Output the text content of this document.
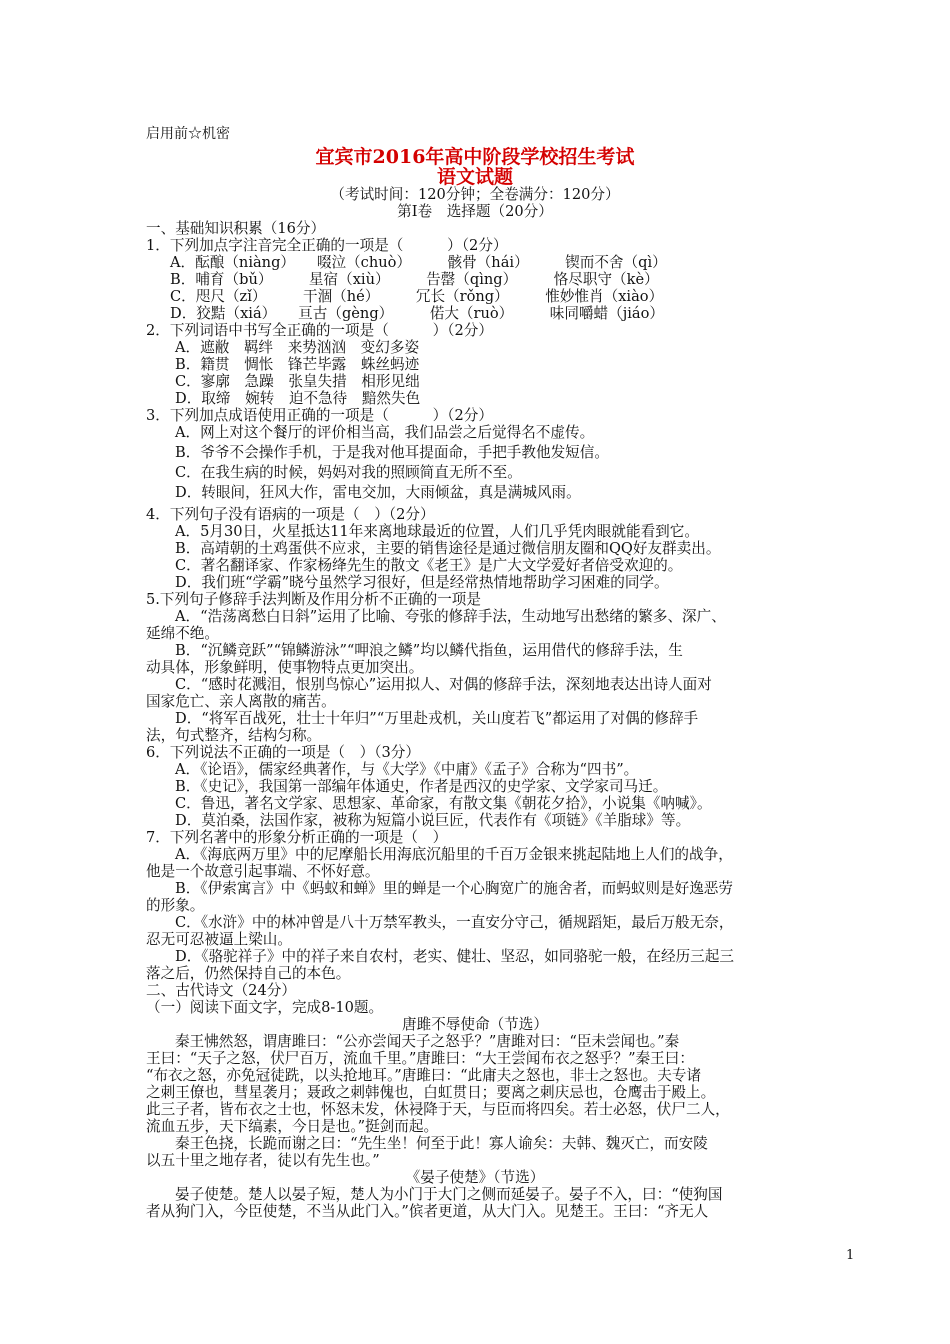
启用前☆机密
宜宾市2016年高中阶段学校招生考试
语文试题
（考试时间：120分钟；全卷满分：120分）
第Ⅰ卷　选择题（20分）
一、基础知识积累（16分）
1．下列加点字注音完全正确的一项是（　　　）（2分）
A．酝酿（niàng）　　啜泣（chuò）　　　骸骨（hái）　　　锲而不舍（qì）
B．哺育（bǔ）　　　星宿（xiù）　　　告罄（qìng）　　　恪尽职守（kè）
C．咫尺（zǐ）　　　干涸（hé）　　　冗长（rǒng）　　　惟妙惟肖（xiào）
D．狡黠（xiá）　　亘古（gèng）　　　偌大（ruò）　　　味同嚼蜡（jiáo）
2．下列词语中书写全正确的一项是（　　　）（2分）
A．遮敝　羁绊　来势汹汹　变幻多姿
B．籍贯　惆怅　锋芒毕露　蛛丝蚂迹
C．寥廓　急躁　张皇失措　相形见绌
D．取缔　婉转　迫不急待　黯然失色
3．下列加点成语使用正确的一项是（　　　）（2分）
A．网上对这个餐厅的评价相当高，我们品尝之后觉得名不虚传。
B．爷爷不会操作手机，于是我对他耳提面命，手把手教他发短信。
C．在我生病的时候，妈妈对我的照顾简直无所不至。
D．转眼间，狂风大作，雷电交加，大雨倾盆，真是满城风雨。
4．下列句子没有语病的一项是（　）（2分）
A．5月30日，火星抵达11年来离地球最近的位置，人们几乎凭肉眼就能看到它。
B．高靖朝的土鸡蛋供不应求，主要的销售途径是通过微信朋友圈和QQ好友群卖出。
C．著名翻译家、作家杨绛先生的散文《老王》是广大文学爱好者倍受欢迎的。
D．我们班“学霸”晓兮虽然学习很好，但是经常热情地帮助学习困难的同学。
5.下列句子修辞手法判断及作用分析不正确的一项是
A．“浩荡离愁白日斜”运用了比喻、夸张的修辞手法，生动地写出愁绪的繁多、深广、
延绵不绝。
B．“沉鳞竞跃”“锦鳞游泳”“呷浪之鳞”均以鳞代指鱼，运用借代的修辞手法，生
动具体，形象鲜明，使事物特点更加突出。
C．“感时花溅泪，恨别鸟惊心”运用拟人、对偶的修辞手法，深刻地表达出诗人面对
国家危亡、亲人离散的痛苦。
D．“将军百战死，壮士十年归”“万里赴戎机，关山度若飞”都运用了对偶的修辞手
法，句式整齐，结构匀称。
6．下列说法不正确的一项是（　）（3分）
A．《论语》，儒家经典著作，与《大学》《中庸》《孟子》合称为“四书”。
B．《史记》，我国第一部编年体通史，作者是西汉的史学家、文学家司马迁。
C．鲁迅，著名文学家、思想家、革命家，有散文集《朝花夕拾》，小说集《呐喊》。
D．莫泊桑，法国作家，被称为短篇小说巨匠，代表作有《项链》《羊脂球》等。
7．下列名著中的形象分析正确的一项是（　）
A．《海底两万里》中的尼摩船长用海底沉船里的千百万金银来挑起陆地上人们的战争，
他是一个故意引起事端、不怀好意。
B．《伊索寓言》中《蚂蚁和蝉》里的蝉是一个心胸宽广的施舍者，而蚂蚁则是好逸恶劳
的形象。
C．《水浒》中的林冲曾是八十万禁军教头，一直安分守己，循规蹈矩，最后万般无奈，
忍无可忍被逼上梁山。
D．《骆驼祥子》中的祥子来自农村，老实、健壮、坚忍，如同骆驼一般，在经历三起三
落之后，仍然保持自己的本色。
二、古代诗文（24分）
（一）阅读下面文字，完成8-10题。
唐雎不辱使命（节选）
秦王怫然怒，谓唐雎曰：“公亦尝闻天子之怒乎？”唐雎对曰：“臣未尝闻也。”秦
王曰：“天子之怒，伏尸百万，流血千里。”唐雎曰：“大王尝闻布衣之怒乎？”秦王曰：
“布衣之怒，亦免冠徒跣，以头抢地耳。”唐雎曰：“此庸夫之怒也，非士之怒也。夫专诸
之刺王僚也，彗星袭月；聂政之刺韩傀也，白虹贯日；要离之刺庆忌也，仓鹰击于殿上。
此三子者，皆布衣之士也，怀怒未发，休祲降于天，与臣而将四矣。若士必怒，伏尸二人，
流血五步，天下缟素，今日是也。”挺剑而起。
秦王色挠，长跪而谢之曰：“先生坐！何至于此！寡人谕矣：夫韩、魏灭亡，而安陵
以五十里之地存者，徒以有先生也。”
《晏子使楚》（节选）
晏子使楚。楚人以晏子短，楚人为小门于大门之侧而延晏子。晏子不入，曰：“使狗国
者从狗门入，今臣使楚，不当从此门入。”傧者更道，从大门入。见楚王。王曰：“齐无人
1
